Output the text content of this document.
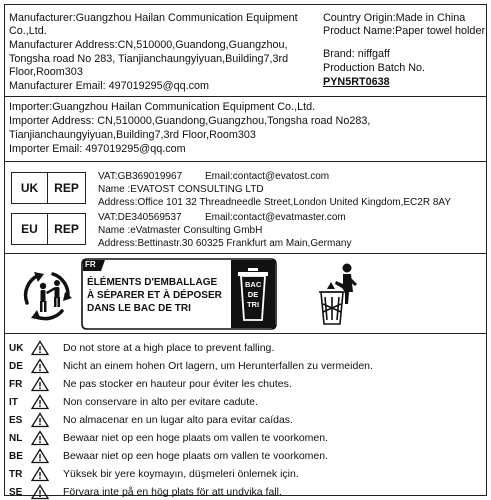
Manufacturer:Guangzhou Hailan Communication Equipment
Co.,Ltd.
Manufacturer Address:CN,510000,Guandong,Guangzhou,
Tongsha road No 283, Tianjianchaungyiyuan,Building7,3rd
Floor,Room303
Manufacturer Email: 497019295@qq.com
Country Origin:Made in China
Product Name:Paper towel holder
Brand: niffgaff
Production Batch No.
PYN5RT0638
Importer:Guangzhou Hailan Communication Equipment Co.,Ltd.
Importer Address: CN,510000,Guandong,Guangzhou,Tongsha road No283,
Tianjianchaungyiyuan,Building7,3rd Floor,Room303
Importer Email: 497019295@qq.com
UK	REP
VAT:GB369019967 Email:contact@evatost.com
Name :EVATOST CONSULTING LTD
Address:Office 101 32 Threadneedle Street,London United Kingdom,EC2R 8AY
EU	REP
VAT:DE340569537 Email:contact@evatmaster.com
Name :eVatmaster Consulting GmbH
Address:Bettinastr.30 60325 Frankfurt am Main,Germany
FR
ÉLÉMENTS D'EMBALLAGE
À SÉPARER ET À DÉPOSER
DANS LE BAC DE TRI
BAC
DE
TRI
UK	Do not store at a high place to prevent falling.
DE	Nicht an einem hohen Ort lagern, um Herunterfallen zu vermeiden.
FR	Ne pas stocker en hauteur pour éviter les chutes.
IT	Non conservare in alto per evitare cadute.
ES	No almacenar en un lugar alto para evitar caídas.
NL	Bewaar niet op een hoge plaats om vallen te voorkomen.
BE	Bewaar niet op een hoge plaats om vallen te voorkomen.
TR	Yüksek bir yere koymayın, düşmeleri önlemek için.
SE	Förvara inte på en hög plats för att undvika fall.
